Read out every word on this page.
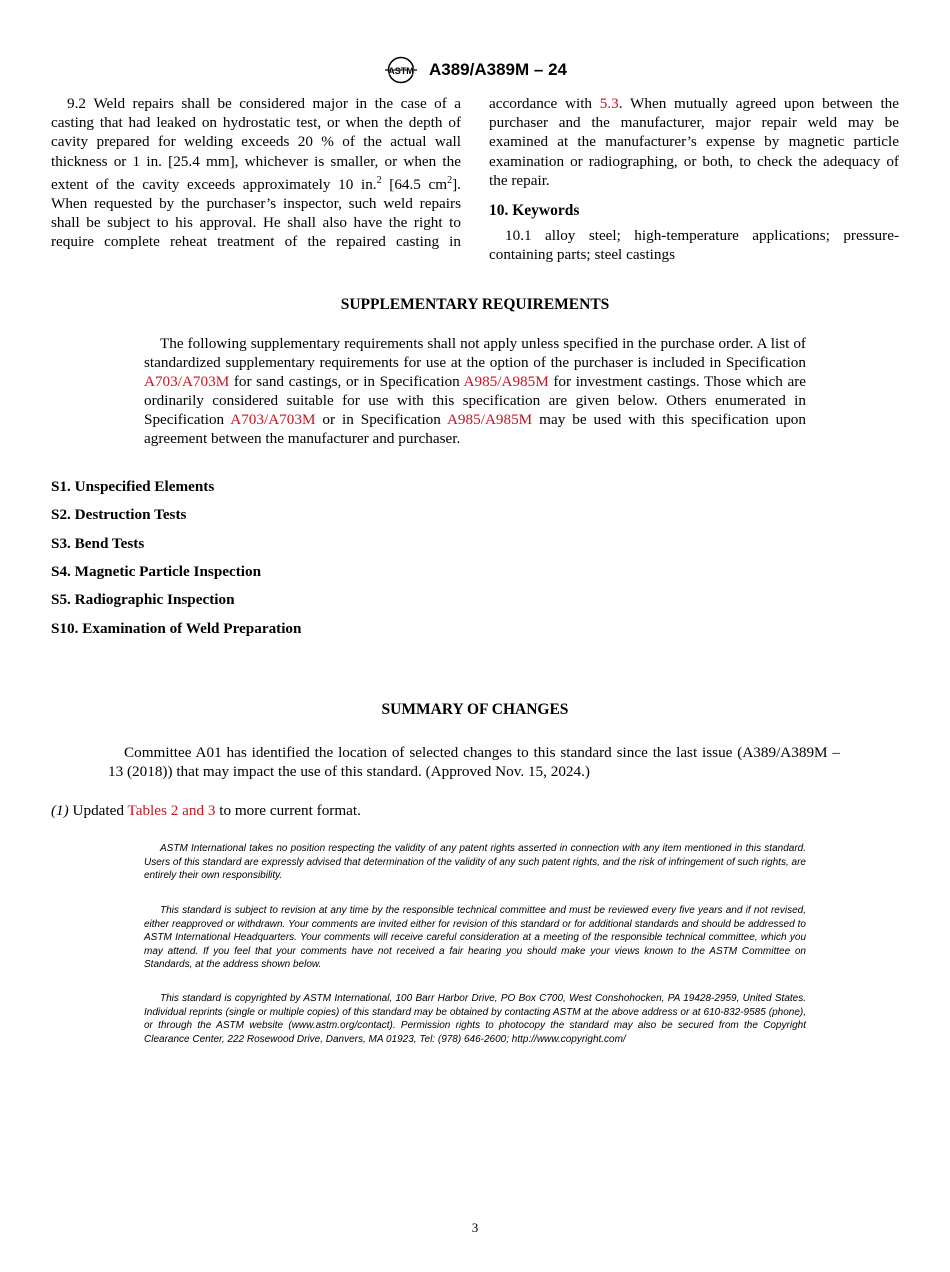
ASTM A389/A389M – 24

9.2 Weld repairs shall be considered major in the case of a casting that had leaked on hydrostatic test, or when the depth of cavity prepared for welding exceeds 20 % of the actual wall thickness or 1 in. [25.4 mm], whichever is smaller, or when the extent of the cavity exceeds approximately 10 in.$^2$ [64.5 $cm^2$]. When requested by the purchaser’s inspector, such weld repairs shall be subject to his approval. He shall also have the right to require complete reheat treatment of the repaired casting in accordance with 5.3. When mutually agreed upon between the purchaser and the manufacturer, major repair weld may be examined at the manufacturer’s expense by magnetic particle examination or radiographing, or both, to check the adequacy of the repair.

10. Keywords

10.1 alloy steel; high-temperature applications; pressure-containing parts; steel castings

SUPPLEMENTARY REQUIREMENTS

The following supplementary requirements shall not apply unless specified in the purchase order. A list of standardized supplementary requirements for use at the option of the purchaser is included in Specification A703/A703M for sand castings, or in Specification A985/A985M for investment castings. Those which are ordinarily considered suitable for use with this specification are given below. Others enumerated in Specification A703/A703M or in Specification A985/A985M may be used with this specification upon agreement between the manufacturer and purchaser.

S1. Unspecified Elements
S2. Destruction Tests
S3. Bend Tests
S4. Magnetic Particle Inspection
S5. Radiographic Inspection
S10. Examination of Weld Preparation
SUMMARY OF CHANGES

Committee A01 has identified the location of selected changes to this standard since the last issue (A389/A389M – 13 (2018)) that may impact the use of this standard. (Approved Nov. 15, 2024.)

(1) Updated Tables 2 and 3 to more current format.

ASTM International takes no position respecting the validity of any patent rights asserted in connection with any item mentioned in this standard. Users of this standard are expressly advised that determination of the validity of any such patent rights, and the risk of infringement of such rights, are entirely their own responsibility.

This standard is subject to revision at any time by the responsible technical committee and must be reviewed every five years and if not revised, either reapproved or withdrawn. Your comments are invited either for revision of this standard or for additional standards and should be addressed to ASTM International Headquarters. Your comments will receive careful consideration at a meeting of the responsible technical committee, which you may attend. If you feel that your comments have not received a fair hearing you should make your views known to the ASTM Committee on Standards, at the address shown below.

This standard is copyrighted by ASTM International, 100 Barr Harbor Drive, PO Box C700, West Conshohocken, PA 19428-2959, United States. Individual reprints (single or multiple copies) of this standard may be obtained by contacting ASTM at the above address or at 610-832-9585 (phone), or through the ASTM website (www.astm.org/contact). Permission rights to photocopy the standard may also be secured from the Copyright Clearance Center, 222 Rosewood Drive, Danvers, MA 01923, Tel: (978) 646-2600; http://www.copyright.com/

3
